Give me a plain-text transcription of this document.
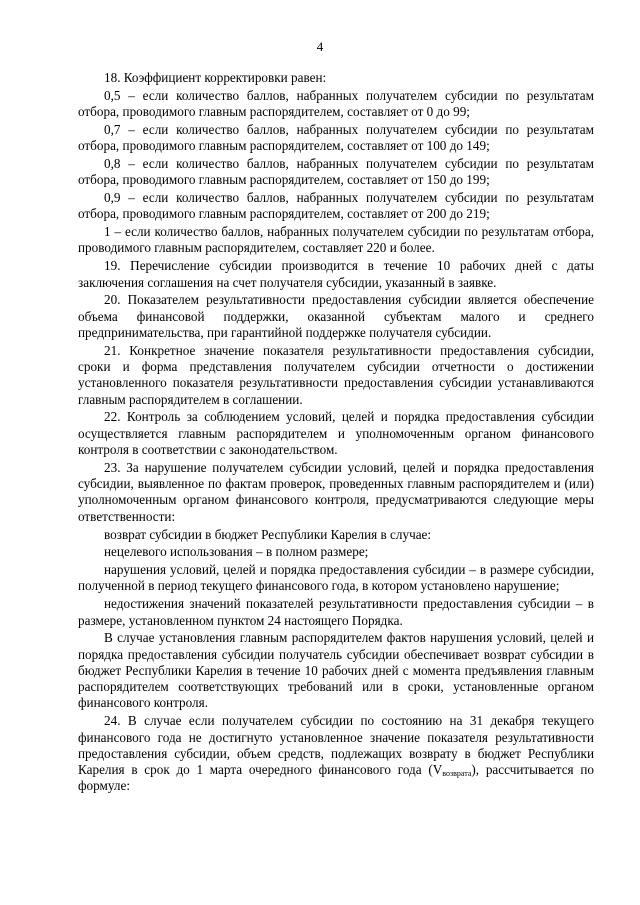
4

18. Коэффициент корректировки равен:

0,5 – если количество баллов, набранных получателем субсидии по результатам отбора, проводимого главным распорядителем, составляет от 0 до 99;

0,7 – если количество баллов, набранных получателем субсидии по результатам отбора, проводимого главным распорядителем, составляет от 100 до 149;

0,8 – если количество баллов, набранных получателем субсидии по результатам отбора, проводимого главным распорядителем, составляет от 150 до 199;

0,9 – если количество баллов, набранных получателем субсидии по результатам отбора, проводимого главным распорядителем, составляет от 200 до 219;

1 – если количество баллов, набранных получателем субсидии по результатам отбора, проводимого главным распорядителем, составляет 220 и более.

19. Перечисление субсидии производится в течение 10 рабочих дней с даты заключения соглашения на счет получателя субсидии, указанный в заявке.

20. Показателем результативности предоставления субсидии является обеспечение объема финансовой поддержки, оказанной субъектам малого и среднего предпринимательства, при гарантийной поддержке получателя субсидии.

21. Конкретное значение показателя результативности предоставления субсидии, сроки и форма представления получателем субсидии отчетности о достижении установленного показателя результативности предоставления субсидии устанавливаются главным распорядителем в соглашении.

22. Контроль за соблюдением условий, целей и порядка предоставления субсидии осуществляется главным распорядителем и уполномоченным органом финансового контроля в соответствии с законодательством.

23. За нарушение получателем субсидии условий, целей и порядка предоставления субсидии, выявленное по фактам проверок, проведенных главным распорядителем и (или) уполномоченным органом финансового контроля, предусматриваются следующие меры ответственности:

возврат субсидии в бюджет Республики Карелия в случае:

нецелевого использования – в полном размере;

нарушения условий, целей и порядка предоставления субсидии – в размере субсидии, полученной в период текущего финансового года, в котором установлено нарушение;

недостижения значений показателей результативности предоставления субсидии – в размере, установленном пунктом 24 настоящего Порядка.

В случае установления главным распорядителем фактов нарушения условий, целей и порядка предоставления субсидии получатель субсидии обеспечивает возврат субсидии в бюджет Республики Карелия в течение 10 рабочих дней с момента предъявления главным распорядителем соответствующих требований или в сроки, установленные органом финансового контроля.

24. В случае если получателем субсидии по состоянию на 31 декабря текущего финансового года не достигнуто установленное значение показателя результативности предоставления субсидии, объем средств, подлежащих возврату в бюджет Республики Карелия в срок до 1 марта очередного финансового года $(V_{возврата})$, рассчитывается по формуле:
